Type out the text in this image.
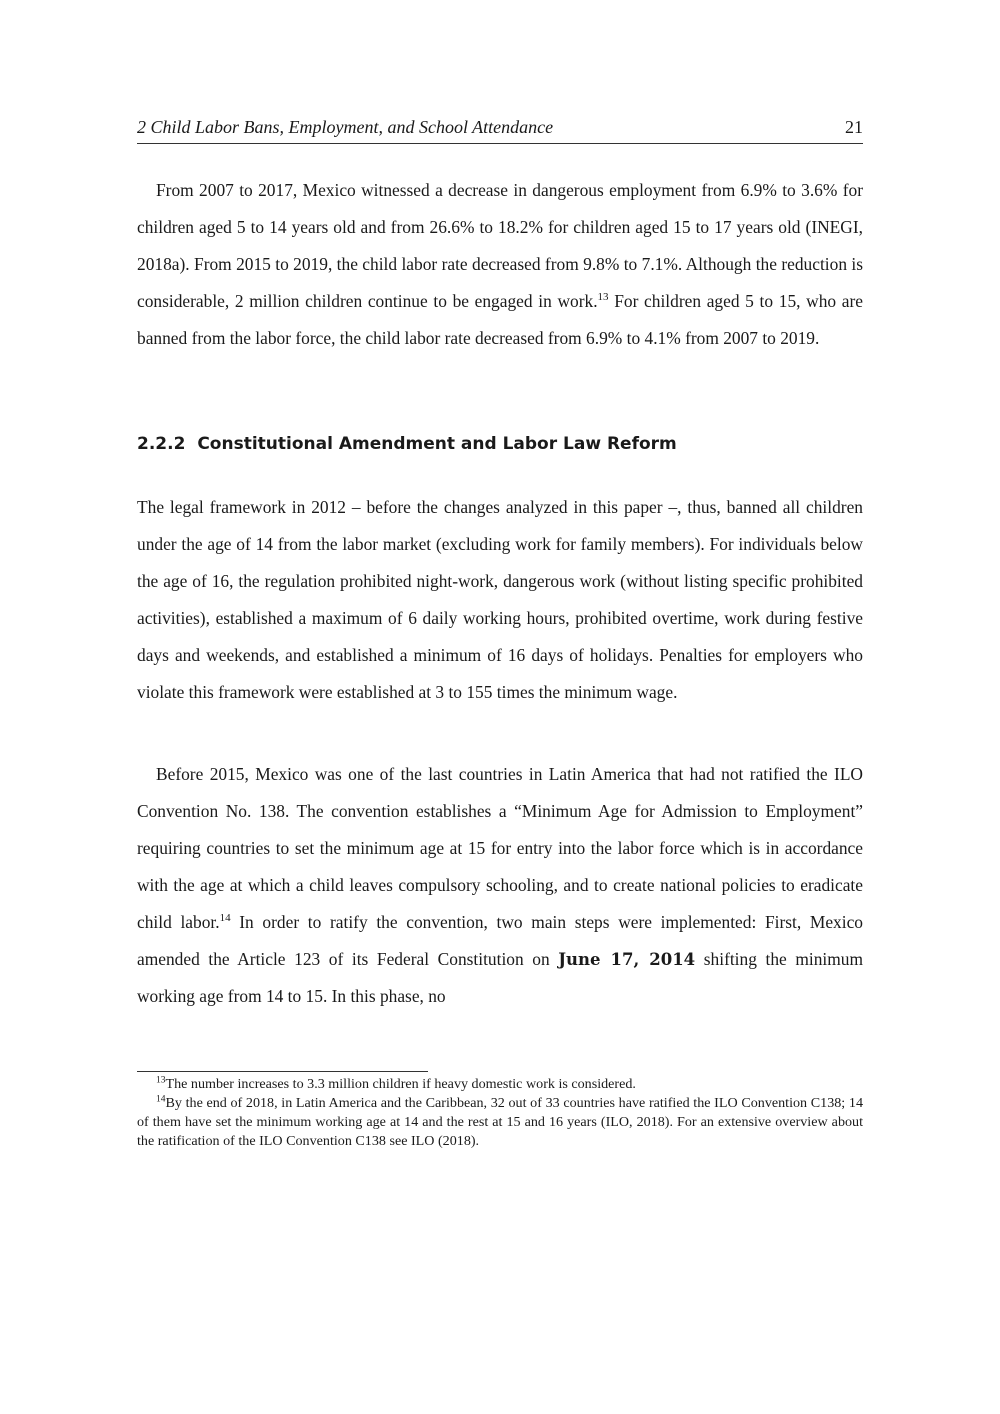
2 Child Labor Bans, Employment, and School Attendance	21

From 2007 to 2017, Mexico witnessed a decrease in dangerous employment from 6.9% to 3.6% for children aged 5 to 14 years old and from 26.6% to 18.2% for children aged 15 to 17 years old (INEGI, 2018a). From 2015 to 2019, the child labor rate decreased from 9.8% to 7.1%. Although the reduction is considerable, 2 million children continue to be engaged in work.$^{13}$ For children aged 5 to 15, who are banned from the labor force, the child labor rate decreased from 6.9% to 4.1% from 2007 to 2019.

2.2.2 Constitutional Amendment and Labor Law Reform

The legal framework in 2012 – before the changes analyzed in this paper –, thus, banned all children under the age of 14 from the labor market (excluding work for family members). For individuals below the age of 16, the regulation prohibited night-work, dangerous work (without listing specific prohibited activities), established a maximum of 6 daily working hours, prohibited overtime, work during festive days and weekends, and established a minimum of 16 days of holidays. Penalties for employers who violate this framework were established at 3 to 155 times the minimum wage.

Before 2015, Mexico was one of the last countries in Latin America that had not ratified the ILO Convention No. 138. The convention establishes a “Minimum Age for Admission to Employment” requiring countries to set the minimum age at 15 for entry into the labor force which is in accordance with the age at which a child leaves compulsory schooling, and to create national policies to eradicate child labor.$^{14}$ In order to ratify the convention, two main steps were implemented: First, Mexico amended the Article 123 of its Federal Constitution on June 17, 2014 shifting the minimum working age from 14 to 15. In this phase, no

$^{13}$The number increases to 3.3 million children if heavy domestic work is considered.

$^{14}$By the end of 2018, in Latin America and the Caribbean, 32 out of 33 countries have ratified the ILO Convention C138; 14 of them have set the minimum working age at 14 and the rest at 15 and 16 years (ILO, 2018). For an extensive overview about the ratification of the ILO Convention C138 see ILO (2018).
